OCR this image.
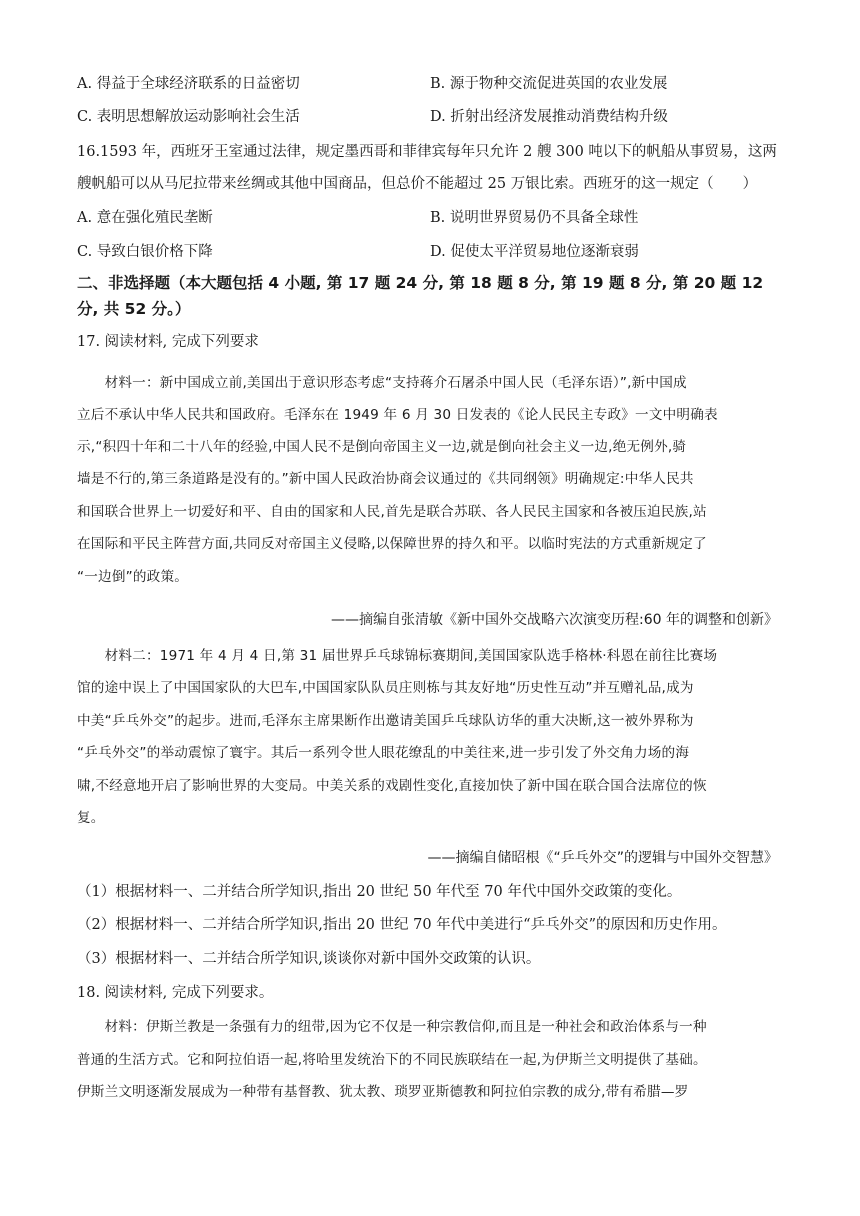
A. 得益于全球经济联系的日益密切	B. 源于物种交流促进英国的农业发展
C. 表明思想解放运动影响社会生活	D. 折射出经济发展推动消费结构升级
16.1593 年，西班牙王室通过法律，规定墨西哥和菲律宾每年只允许 2 艘 300 吨以下的帆船从事贸易，这两
艘帆船可以从马尼拉带来丝绸或其他中国商品，但总价不能超过 25 万银比索。西班牙的这一规定（　　）
A. 意在强化殖民垄断	B. 说明世界贸易仍不具备全球性
C. 导致白银价格下降	D. 促使太平洋贸易地位逐渐衰弱
二、非选择题（本大题包括 4 小题, 第 17 题 24 分, 第 18 题 8 分, 第 19 题 8 分, 第 20 题 12
分, 共 52 分。）
17. 阅读材料, 完成下列要求
　　材料一：新中国成立前,美国出于意识形态考虑“支持蒋介石屠杀中国人民（毛泽东语）”,新中国成
立后不承认中华人民共和国政府。毛泽东在 1949 年 6 月 30 日发表的《论人民民主专政》一文中明确表
示,“积四十年和二十八年的经验,中国人民不是倒向帝国主义一边,就是倒向社会主义一边,绝无例外,骑
墙是不行的,第三条道路是没有的。”新中国人民政治协商会议通过的《共同纲领》明确规定:中华人民共
和国联合世界上一切爱好和平、自由的国家和人民,首先是联合苏联、各人民民主国家和各被压迫民族,站
在国际和平民主阵营方面,共同反对帝国主义侵略,以保障世界的持久和平。以临时宪法的方式重新规定了
“一边倒”的政策。
——摘编自张清敏《新中国外交战略六次演变历程:60 年的调整和创新》
　　材料二：1971 年 4 月 4 日,第 31 届世界乒乓球锦标赛期间,美国国家队选手格林·科恩在前往比赛场
馆的途中误上了中国国家队的大巴车,中国国家队队员庄则栋与其友好地“历史性互动”并互赠礼品,成为
中美“乒乓外交”的起步。进而,毛泽东主席果断作出邀请美国乒乓球队访华的重大决断,这一被外界称为
“乒乓外交”的举动震惊了寰宇。其后一系列令世人眼花缭乱的中美往来,进一步引发了外交角力场的海
啸,不经意地开启了影响世界的大变局。中美关系的戏剧性变化,直接加快了新中国在联合国合法席位的恢
复。
——摘编自储昭根《“乒乓外交”的逻辑与中国外交智慧》
（1）根据材料一、二并结合所学知识,指出 20 世纪 50 年代至 70 年代中国外交政策的变化。
（2）根据材料一、二并结合所学知识,指出 20 世纪 70 年代中美进行“乒乓外交”的原因和历史作用。
（3）根据材料一、二并结合所学知识,谈谈你对新中国外交政策的认识。
18. 阅读材料, 完成下列要求。
　　材料：伊斯兰教是一条强有力的纽带,因为它不仅是一种宗教信仰,而且是一种社会和政治体系与一种
普通的生活方式。它和阿拉伯语一起,将哈里发统治下的不同民族联结在一起,为伊斯兰文明提供了基础。
伊斯兰文明逐渐发展成为一种带有基督教、犹太教、琐罗亚斯德教和阿拉伯宗教的成分,带有希腊—罗
